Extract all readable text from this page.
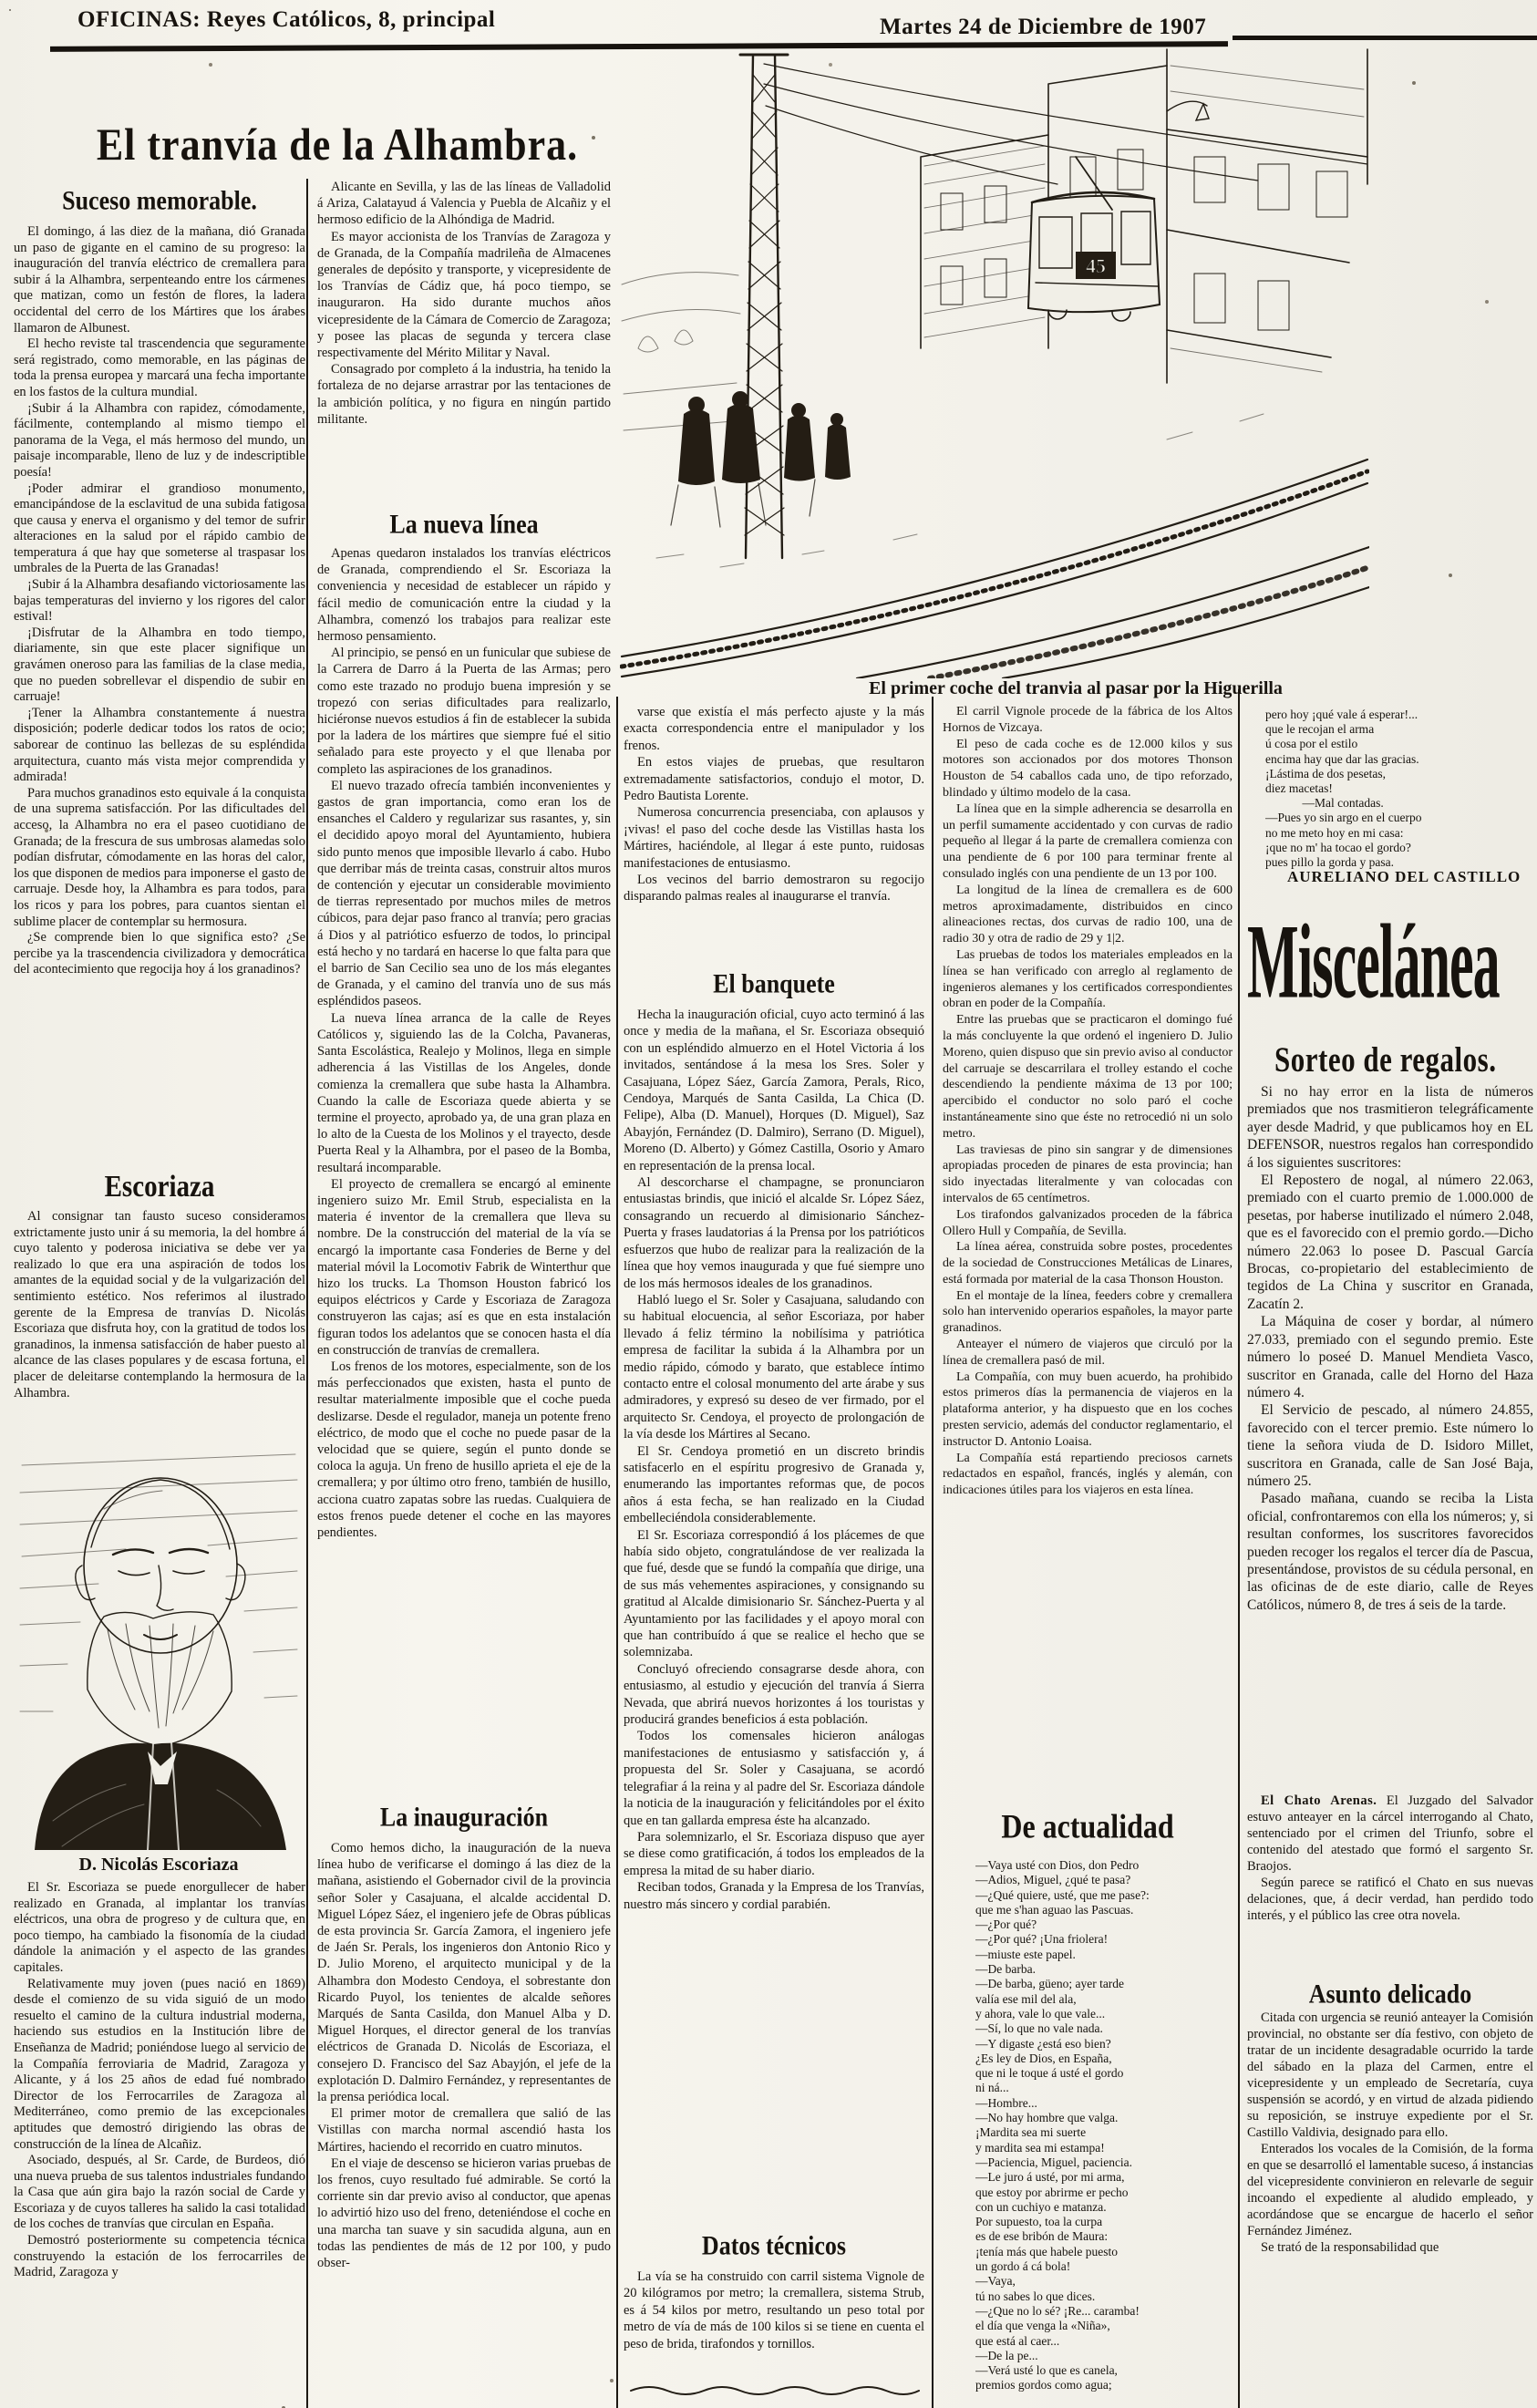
OFICINAS: Reyes Católicos, 8, principal	Martes 24 de Diciembre de 1907
El tranvía de la Alhambra.
Suceso memorable.

El domingo, á las diez de la mañana, dió Granada un paso de gigante en el camino de su progreso: la inauguración del tranvía eléctrico de cremallera para subir á la Alhambra, serpenteando entre los cármenes que matizan, como un festón de flores, la ladera occidental del cerro de los Mártires que los árabes llamaron de Albunest.

El hecho reviste tal trascendencia que seguramente será registrado, como memorable, en las páginas de toda la prensa europea y marcará una fecha importante en los fastos de la cultura mundial.

¡Subir á la Alhambra con rapidez, cómodamente, fácilmente, contemplando al mismo tiempo el panorama de la Vega, el más hermoso del mundo, un paisaje incomparable, lleno de luz y de indescriptible poesía!

¡Poder admirar el grandioso monumento, emancipándose de la esclavitud de una subida fatigosa que causa y enerva el organismo y del temor de sufrir alteraciones en la salud por el rápido cambio de temperatura á que hay que someterse al traspasar los umbrales de la Puerta de las Granadas!

¡Subir á la Alhambra desafiando victoriosamente las bajas temperaturas del invierno y los rigores del calor estival!

¡Disfrutar de la Alhambra en todo tiempo, diariamente, sin que este placer signifique un gravámen oneroso para las familias de la clase media, que no pueden sobrellevar el dispendio de subir en carruaje!

¡Tener la Alhambra constantemente á nuestra disposición; poderle dedicar todos los ratos de ocio; saborear de continuo las bellezas de su espléndida arquitectura, cuanto más vista mejor comprendida y admirada!

Para muchos granadinos esto equivale á la conquista de una suprema satisfacción. Por las dificultades del acceso, la Alhambra no era el paseo cuotidiano de Granada; de la frescura de sus umbrosas alamedas solo podían disfrutar, cómodamente en las horas del calor, los que disponen de medios para imponerse el gasto de carruaje. Desde hoy, la Alhambra es para todos, para los ricos y para los pobres, para cuantos sientan el sublime placer de contemplar su hermosura.

¿Se comprende bien lo que significa esto? ¿Se percibe ya la trascendencia civilizadora y democrática del acontecimiento que regocija hoy á los granadinos?

Escoriaza

Al consignar tan fausto suceso consideramos extrictamente justo unir á su memoria, la del hombre á cuyo talento y poderosa iniciativa se debe ver ya realizado lo que era una aspiración de todos los amantes de la equidad social y de la vulgarización del sentimiento estético. Nos referimos al ilustrado gerente de la Empresa de tranvías D. Nicolás Escoriaza que disfruta hoy, con la gratitud de todos los granadinos, la inmensa satisfacción de haber puesto al alcance de las clases populares y de escasa fortuna, el placer de deleitarse contemplando la hermosura de la Alhambra.

D. Nicolás Escoriaza

El Sr. Escoriaza se puede enorgullecer de haber realizado en Granada, al implantar los tranvías eléctricos, una obra de progreso y de cultura que, en poco tiempo, ha cambiado la fisonomía de la ciudad dándole la animación y el aspecto de las grandes capitales.

Relativamente muy joven (pues nació en 1869) desde el comienzo de su vida siguió de un modo resuelto el camino de la cultura industrial moderna, haciendo sus estudios en la Institución libre de Enseñanza de Madrid; poniéndose luego al servicio de la Compañía ferroviaria de Madrid, Zaragoza y Alicante, y á los 25 años de edad fué nombrado Director de los Ferrocarriles de Zaragoza al Mediterráneo, como premio de las excepcionales aptitudes que demostró dirigiendo las obras de construcción de la línea de Alcañiz.

Asociado, después, al Sr. Carde, de Burdeos, dió una nueva prueba de sus talentos industriales fundando la Casa que aún gira bajo la razón social de Carde y Escoriaza y de cuyos talleres ha salido la casi totalidad de los coches de tranvías que circulan en España.

Demostró posteriormente su competencia técnica construyendo la estación de los ferrocarriles de Madrid, Zaragoza y

Alicante en Sevilla, y las de las líneas de Valladolid á Ariza, Calatayud á Valencia y Puebla de Alcañiz y el hermoso edificio de la Alhóndiga de Madrid.

Es mayor accionista de los Tranvías de Zaragoza y de Granada, de la Compañía madrileña de Almacenes generales de depósito y transporte, y vicepresidente de los Tranvías de Cádiz que, há poco tiempo, se inauguraron. Ha sido durante muchos años vicepresidente de la Cámara de Comercio de Zaragoza; y posee las placas de segunda y tercera clase respectivamente del Mérito Militar y Naval.

Consagrado por completo á la industria, ha tenido la fortaleza de no dejarse arrastrar por las tentaciones de la ambición política, y no figura en ningún partido militante.

La nueva línea

Apenas quedaron instalados los tranvías eléctricos de Granada, comprendiendo el Sr. Escoriaza la conveniencia y necesidad de establecer un rápido y fácil medio de comunicación entre la ciudad y la Alhambra, comenzó los trabajos para realizar este hermoso pensamiento.

Al principio, se pensó en un funicular que subiese de la Carrera de Darro á la Puerta de las Armas; pero como este trazado no produjo buena impresión y se tropezó con serias dificultades para realizarlo, hiciéronse nuevos estudios á fin de establecer la subida por la ladera de los mártires que siempre fué el sitio señalado para este proyecto y el que llenaba por completo las aspiraciones de los granadinos.

El nuevo trazado ofrecía también inconvenientes y gastos de gran importancia, como eran los de ensanches el Caldero y regularizar sus rasantes, y, sin el decidido apoyo moral del Ayuntamiento, hubiera sido punto menos que imposible llevarlo á cabo. Hubo que derribar más de treinta casas, construir altos muros de contención y ejecutar un considerable movimiento de tierras representado por muchos miles de metros cúbicos, para dejar paso franco al tranvía; pero gracias á Dios y al patriótico esfuerzo de todos, lo principal está hecho y no tardará en hacerse lo que falta para que el barrio de San Cecilio sea uno de los más elegantes de Granada, y el camino del tranvía uno de sus más espléndidos paseos.

La nueva línea arranca de la calle de Reyes Católicos y, siguiendo las de la Colcha, Pavaneras, Santa Escolástica, Realejo y Molinos, llega en simple adherencia á las Vistillas de los Angeles, donde comienza la cremallera que sube hasta la Alhambra. Cuando la calle de Escoriaza quede abierta y se termine el proyecto, aprobado ya, de una gran plaza en lo alto de la Cuesta de los Molinos y el trayecto, desde Puerta Real y la Alhambra, por el paseo de la Bomba, resultará incomparable.

El proyecto de cremallera se encargó al eminente ingeniero suizo Mr. Emil Strub, especialista en la materia é inventor de la cremallera que lleva su nombre. De la construcción del material de la vía se encargó la importante casa Fonderies de Berne y del material móvil la Locomotiv Fabrik de Winterthur que hizo los trucks. La Thomson Houston fabricó los equipos eléctricos y Carde y Escoriaza de Zaragoza construyeron las cajas; así es que en esta instalación figuran todos los adelantos que se conocen hasta el día en construcción de tranvías de cremallera.

Los frenos de los motores, especialmente, son de los más perfeccionados que existen, hasta el punto de resultar materialmente imposible que el coche pueda deslizarse. Desde el regulador, maneja un potente freno eléctrico, de modo que el coche no puede pasar de la velocidad que se quiere, según el punto donde se coloca la aguja. Un freno de husillo aprieta el eje de la cremallera; y por último otro freno, también de husillo, acciona cuatro zapatas sobre las ruedas. Cualquiera de estos frenos puede detener el coche en las mayores pendientes.

La inauguración

Como hemos dicho, la inauguración de la nueva línea hubo de verificarse el domingo á las diez de la mañana, asistiendo el Gobernador civil de la provincia señor Soler y Casajuana, el alcalde accidental D. Miguel López Sáez, el ingeniero jefe de Obras públicas de esta provincia Sr. García Zamora, el ingeniero jefe de Jaén Sr. Perals, los ingenieros don Antonio Rico y D. Julio Moreno, el arquitecto municipal y de la Alhambra don Modesto Cendoya, el sobrestante don Ricardo Puyol, los tenientes de alcalde señores Marqués de Santa Casilda, don Manuel Alba y D. Miguel Horques, el director general de los tranvías eléctricos de Granada D. Nicolás de Escoriaza, el consejero D. Francisco del Saz Abayjón, el jefe de la explotación D. Dalmiro Fernández, y representantes de la prensa periódica local.

El primer motor de cremallera que salió de las Vistillas con marcha normal ascendió hasta los Mártires, haciendo el recorrido en cuatro minutos.

En el viaje de descenso se hicieron varias pruebas de los frenos, cuyo resultado fué admirable. Se cortó la corriente sin dar previo aviso al conductor, que apenas lo advirtió hizo uso del freno, deteniéndose el coche en una marcha tan suave y sin sacudida alguna, aun en todas las pendientes de más de 12 por 100, y pudo obser-

45
El primer coche del tranvia al pasar por la Higuerilla

varse que existía el más perfecto ajuste y la más exacta correspondencia entre el manipulador y los frenos.

En estos viajes de pruebas, que resultaron extremadamente satisfactorios, condujo el motor, D. Pedro Bautista Lorente.

Numerosa concurrencia presenciaba, con aplausos y ¡vivas! el paso del coche desde las Vistillas hasta los Mártires, haciéndole, al llegar á este punto, ruidosas manifestaciones de entusiasmo.

Los vecinos del barrio demostraron su regocijo disparando palmas reales al inaugurarse el tranvía.

El banquete

Hecha la inauguración oficial, cuyo acto terminó á las once y media de la mañana, el Sr. Escoriaza obsequió con un espléndido almuerzo en el Hotel Victoria á los invitados, sentándose á la mesa los Sres. Soler y Casajuana, López Sáez, García Zamora, Perals, Rico, Cendoya, Marqués de Santa Casilda, La Chica (D. Felipe), Alba (D. Manuel), Horques (D. Miguel), Saz Abayjón, Fernández (D. Dalmiro), Serrano (D. Miguel), Moreno (D. Alberto) y Gómez Castilla, Osorio y Amaro en representación de la prensa local.

Al descorcharse el champagne, se pronunciaron entusiastas brindis, que inició el alcalde Sr. López Sáez, consagrando un recuerdo al dimisionario Sánchez-Puerta y frases laudatorias á la Prensa por los patrióticos esfuerzos que hubo de realizar para la realización de la línea que hoy vemos inaugurada y que fué siempre uno de los más hermosos ideales de los granadinos.

Habló luego el Sr. Soler y Casajuana, saludando con su habitual elocuencia, al señor Escoriaza, por haber llevado á feliz término la nobilísima y patriótica empresa de facilitar la subida á la Alhambra por un medio rápido, cómodo y barato, que establece íntimo contacto entre el colosal monumento del arte árabe y sus admiradores, y expresó su deseo de ver firmado, por el arquitecto Sr. Cendoya, el proyecto de prolongación de la vía desde los Mártires al Secano.

El Sr. Cendoya prometió en un discreto brindis satisfacerlo en el espíritu progresivo de Granada y, enumerando las importantes reformas que, de pocos años á esta fecha, se han realizado en la Ciudad embelleciéndola considerablemente.

El Sr. Escoriaza correspondió á los plácemes de que había sido objeto, congratulándose de ver realizada la que fué, desde que se fundó la compañía que dirige, una de sus más vehementes aspiraciones, y consignando su gratitud al Alcalde dimisionario Sr. Sánchez-Puerta y al Ayuntamiento por las facilidades y el apoyo moral con que han contribuído á que se realice el hecho que se solemnizaba.

Concluyó ofreciendo consagrarse desde ahora, con entusiasmo, al estudio y ejecución del tranvía á Sierra Nevada, que abrirá nuevos horizontes á los touristas y producirá grandes beneficios á esta población.

Todos los comensales hicieron análogas manifestaciones de entusiasmo y satisfacción y, á propuesta del Sr. Soler y Casajuana, se acordó telegrafiar á la reina y al padre del Sr. Escoriaza dándole la noticia de la inauguración y felicitándoles por el éxito que en tan gallarda empresa éste ha alcanzado.

Para solemnizarlo, el Sr. Escoriaza dispuso que ayer se diese como gratificación, á todos los empleados de la empresa la mitad de su haber diario.

Reciban todos, Granada y la Empresa de los Tranvías, nuestro más sincero y cordial parabién.

Datos técnicos

La vía se ha construido con carril sistema Vignole de 20 kilógramos por metro; la cremallera, sistema Strub, es á 54 kilos por metro, resultando un peso total por metro de vía de más de 100 kilos si se tiene en cuenta el peso de brida, tirafondos y tornillos.

El carril Vignole procede de la fábrica de los Altos Hornos de Vizcaya.

El peso de cada coche es de 12.000 kilos y sus motores son accionados por dos motores Thonson Houston de 54 caballos cada uno, de tipo reforzado, blindado y último modelo de la casa.

La línea que en la simple adherencia se desarrolla en un perfil sumamente accidentado y con curvas de radio pequeño al llegar á la parte de cremallera comienza con una pendiente de 6 por 100 para terminar frente al consulado inglés con una pendiente de un 13 por 100.

La longitud de la línea de cremallera es de 600 metros aproximadamente, distribuidos en cinco alineaciones rectas, dos curvas de radio 100, una de radio 30 y otra de radio de 29 y 1|2.

Las pruebas de todos los materiales empleados en la línea se han verificado con arreglo al reglamento de ingenieros alemanes y los certificados correspondientes obran en poder de la Compañía.

Entre las pruebas que se practicaron el domingo fué la más concluyente la que ordenó el ingeniero D. Julio Moreno, quien dispuso que sin previo aviso al conductor del carruaje se descarrilara el trolley estando el coche descendiendo la pendiente máxima de 13 por 100; apercibido el conductor no solo paró el coche instantáneamente sino que éste no retrocedió ni un solo metro.

Las traviesas de pino sin sangrar y de dimensiones apropiadas proceden de pinares de esta provincia; han sido inyectadas literalmente y van colocadas con intervalos de 65 centímetros.

Los tirafondos galvanizados proceden de la fábrica Ollero Hull y Compañía, de Sevilla.

La línea aérea, construida sobre postes, procedentes de la sociedad de Construcciones Metálicas de Linares, está formada por material de la casa Thonson Houston.

En el montaje de la línea, feeders cobre y cremallera solo han intervenido operarios españoles, la mayor parte granadinos.

Anteayer el número de viajeros que circuló por la línea de cremallera pasó de mil.

La Compañía, con muy buen acuerdo, ha prohibido estos primeros días la permanencia de viajeros en la plataforma anterior, y ha dispuesto que en los coches presten servicio, además del conductor reglamentario, el instructor D. Antonio Loaisa.

La Compañía está repartiendo preciosos carnets redactados en español, francés, inglés y alemán, con indicaciones útiles para los viajeros en esta línea.

De actualidad
—Vaya usté con Dios, don Pedro
—Adios, Miguel, ¿qué te pasa?
—¿Qué quiere, usté, que me pase?:
que me s'han aguao las Pascuas.
—¿Por qué?
—¿Por qué? ¡Una friolera!
—miuste este papel.
—De barba.
—De barba, güeno; ayer tarde
valía ese mil del ala,
y ahora, vale lo que vale...
—Sí, lo que no vale nada.
—Y digaste ¿está eso bien?
¿Es ley de Dios, en España,
que ni le toque á usté el gordo
ni ná...
—Hombre...
—No hay hombre que valga.
¡Mardita sea mi suerte
y mardita sea mi estampa!
—Paciencia, Miguel, paciencia.
—Le juro á usté, por mi arma,
que estoy por abrirme er pecho
con un cuchiyo e matanza.
Por supuesto, toa la curpa
es de ese bribón de Maura:
¡tenía más que habele puesto
un gordo á cá bola!
—Vaya,
tú no sabes lo que dices.
—¿Que no lo sé? ¡Re... caramba!
el día que venga la «Niña»,
que está al caer...
—De la pe...
—Verá usté lo que es canela,
premios gordos como agua;
pero hoy ¡qué vale á esperar!...
que le recojan el arma
ú cosa por el estilo
encima hay que dar las gracias.
¡Lástima de dos pesetas,
diez macetas!
—Mal contadas.
—Pues yo sin argo en el cuerpo
no me meto hoy en mi casa:
¡que no m' ha tocao el gordo?
pues pillo la gorda y pasa.
AURELIANO DEL CASTILLO
Miscelánea
Sorteo de regalos.

Si no hay error en la lista de números premiados que nos trasmitieron telegráficamente ayer desde Madrid, y que publicamos hoy en EL DEFENSOR, nuestros regalos han correspondido á los siguientes suscritores:

El Repostero de nogal, al número 22.063, premiado con el cuarto premio de 1.000.000 de pesetas, por haberse inutilizado el número 2.048, que es el favorecido con el premio gordo.—Dicho número 22.063 lo posee D. Pascual García Brocas, co-propietario del establecimiento de tegidos de La China y suscritor en Granada, Zacatín 2.

La Máquina de coser y bordar, al número 27.033, premiado con el segundo premio. Este número lo poseé D. Manuel Mendieta Vasco, suscritor en Granada, calle del Horno del Haza número 4.

El Servicio de pescado, al número 24.855, favorecido con el tercer premio. Este número lo tiene la señora viuda de D. Isidoro Millet, suscritora en Granada, calle de San José Baja, número 25.

Pasado mañana, cuando se reciba la Lista oficial, confrontaremos con ella los números; y, si resultan conformes, los suscritores favorecidos pueden recoger los regalos el tercer día de Pascua, presentándose, provistos de su cédula personal, en las oficinas de de este diario, calle de Reyes Católicos, número 8, de tres á seis de la tarde.

El Chato Arenas. El Juzgado del Salvador estuvo anteayer en la cárcel interrogando al Chato, sentenciado por el crimen del Triunfo, sobre el contenido del atestado que formó el sargento Sr. Braojos.

Según parece se ratificó el Chato en sus nuevas delaciones, que, á decir verdad, han perdido todo interés, y el público las cree otra novela.

Asunto delicado

Citada con urgencia se reunió anteayer la Comisión provincial, no obstante ser día festivo, con objeto de tratar de un incidente desagradable ocurrido la tarde del sábado en la plaza del Carmen, entre el vicepresidente y un empleado de Secretaría, cuya suspensión se acordó, y en virtud de alzada pidiendo su reposición, se instruye expediente por el Sr. Castillo Valdivia, designado para ello.

Enterados los vocales de la Comisión, de la forma en que se desarrolló el lamentable suceso, á instancias del vicepresidente convinieron en relevarle de seguir incoando el expediente al aludido empleado, y acordándose que se encargue de hacerlo el señor Fernández Jiménez.

Se trató de la responsabilidad que
